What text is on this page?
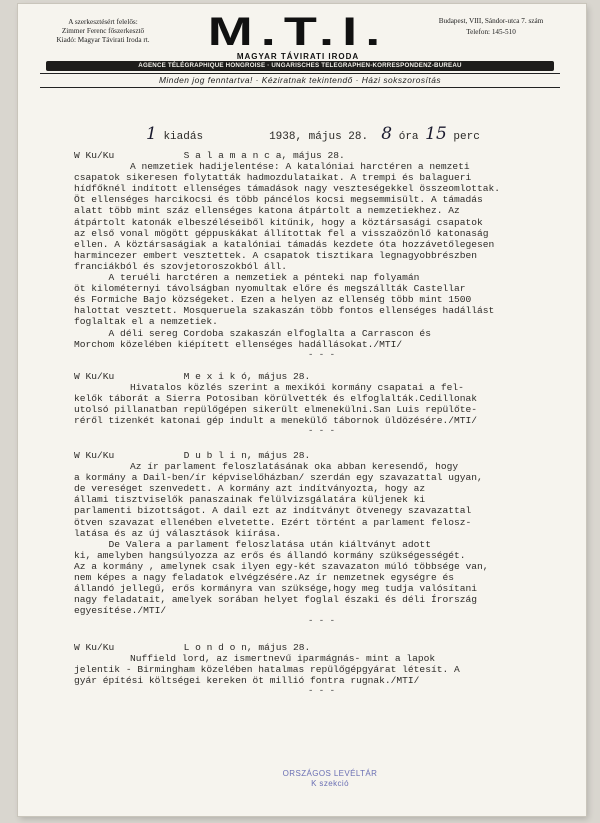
A szerkesztésért felelős:
Zimmer Ferenc főszerkesztő
Kiadó: Magyar Távirati Iroda rt.	M.T.I.
MAGYAR TÁVIRATI IRODA
Budapest, VIII, Sándor-utca 7. szám
Telefon: 145-510
AGENCE TÉLÉGRAPHIQUE HONGROISE · UNGARISCHES TELEGRAPHEN-KORRESPONDENZ-BUREAU
Minden jog fenntartva! · Kéziratnak tekintendő · Házi sokszorosítás
1 kiadás	1938, május 28. 8 óra 15 perc
W Ku/Ku	S a l a m a n c a, május 28.
A nemzetiek hadijelentése: A katalóniai harctéren a nemzeti
csapatok sikeresen folytatták hadmozdulataikat. A trempi és balagueri
hídfőknél indított ellenséges támadások nagy veszteségekkel összeomlottak.
Öt ellenséges harcikocsi és több páncélos kocsi megsemmisült. A támadás
alatt több mint száz ellenséges katona átpártolt a nemzetiekhez. Az
átpártolt katonák elbeszéléseiből kitűnik, hogy a köztársasági csapatok
az első vonal mögött géppuskákat állítottak fel a visszaözönlő katonaság
ellen. A köztársaságiak a katalóniai támadás kezdete óta hozzávetőlegesen
harmincezer embert vesztettek. A csapatok tisztikara legnagyobbrészben
franciákból és szovjetoroszokból áll.
A teruéli harctéren a nemzetiek a pénteki nap folyamán
öt kilométernyi távolságban nyomultak előre és megszállták Castellar
és Formiche Bajo községeket. Ezen a helyen az ellenség több mint 1500
halottat vesztett. Mosqueruela szakaszán több fontos ellenséges hadállást
foglaltak el a nemzetiek.
A déli sereg Cordoba szakaszán elfoglalta a Carrascon és
Morchom közelében kiépített ellenséges hadállásokat./MTI/
- - -
W Ku/Ku	M e x i k ó, május 28.
Hivatalos közlés szerint a mexikói kormány csapatai a fel-
kelők táborát a Sierra Potosiban körülvették és elfoglalták.Cedillonak
utolsó pillanatban repülőgépen sikerült elmenekülni.San Luis repülőte-
réről tizenkét katonai gép indult a menekülő tábornok üldözésére./MTI/
- - -
W Ku/Ku	D u b l i n, május 28.
Az ír parlament feloszlatásának oka abban keresendő, hogy
a kormány a Dail-ben/ír képviselőházban/ szerdán egy szavazattal ugyan,
de vereséget szenvedett. A kormány azt indítványozta, hogy az
állami tisztviselők panaszainak felülvizsgálatára küljenek ki
parlamenti bizottságot. A dail ezt az indítványt ötvenegy szavazattal
ötven szavazat ellenében elvetette. Ezért történt a parlament felosz-
latása és az új választások kiírása.
De Valera a parlament feloszlatása után kiáltványt adott
ki, amelyben hangsúlyozza az erős és állandó kormány szükségességét.
Az a kormány , amelynek csak ilyen egy-két szavazaton múló többsége van,
nem képes a nagy feladatok elvégzésére.Az ír nemzetnek egységre és
állandó jellegű, erős kormányra van szüksége,hogy meg tudja valósítani
nagy feladatait, amelyek sorában helyet foglal északi és déli Írország
egyesítése./MTI/
- - -
W Ku/Ku	L o n d o n, május 28.
Nuffield lord, az ismertnevű iparmágnás- mint a lapok
jelentik - Birmingham közelében hatalmas repülőgépgyárat létesít. A
gyár építési költségei kereken öt millió fontra rugnak./MTI/
- - -
ORSZÁGOS LEVÉLTÁR
K szekció
